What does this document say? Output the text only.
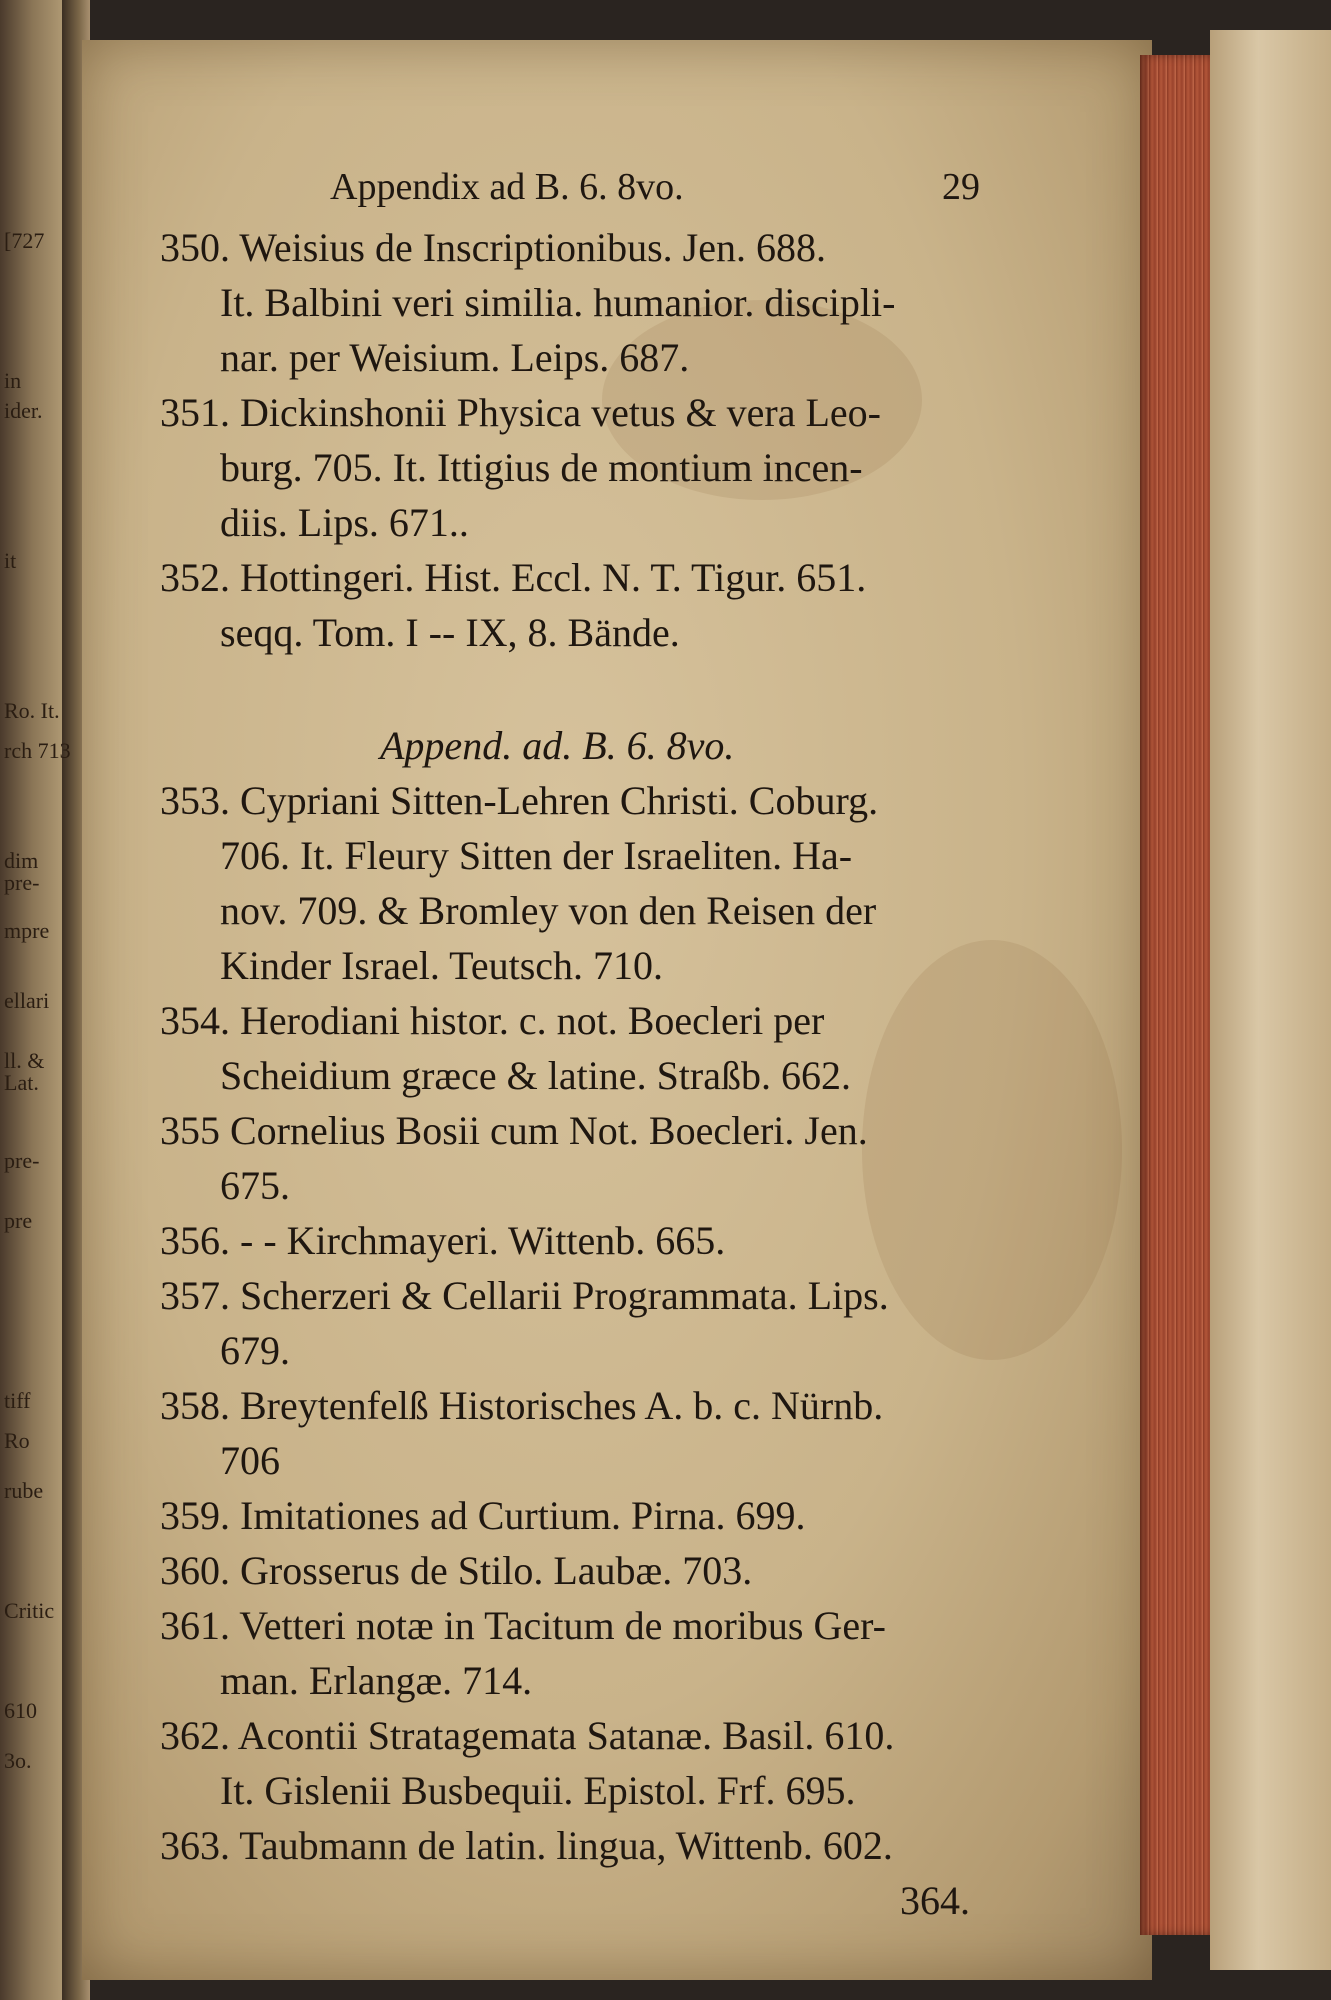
[727
in
ider.
it
Ro. It.
rch 713
dim pre-
mpre
ellari
ll. & Lat.
pre-
pre
tiff
Ro
rube
Critic
610
3o.
Appendix ad B. 6. 8vo.	29
350. Weisius de Inscriptionibus. Jen. 688.
It. Balbini veri similia. humanior. discipli-
nar. per Weisium. Leips. 687.
351. Dickinshonii Physica vetus & vera Leo-
burg. 705. It. Ittigius de montium incen-
diis. Lips. 671..
352. Hottingeri. Hist. Eccl. N. T. Tigur. 651.
seqq. Tom. I -- IX, 8. Bände.
Append. ad. B. 6. 8vo.
353. Cypriani Sitten-Lehren Christi. Coburg.
706. It. Fleury Sitten der Israeliten. Ha-
nov. 709. & Bromley von den Reisen der
Kinder Israel. Teutsch. 710.
354. Herodiani histor. c. not. Boecleri per
Scheidium græce & latine. Straßb. 662.
355 Cornelius Bosii cum Not. Boecleri. Jen.
675.
356. - - Kirchmayeri. Wittenb. 665.
357. Scherzeri & Cellarii Programmata. Lips.
679.
358. Breytenfelß Historisches A. b. c. Nürnb.
706
359. Imitationes ad Curtium. Pirna. 699.
360. Grosserus de Stilo. Laubæ. 703.
361. Vetteri notæ in Tacitum de moribus Ger-
man. Erlangæ. 714.
362. Acontii Stratagemata Satanæ. Basil. 610.
It. Gislenii Busbequii. Epistol. Frf. 695.
363. Taubmann de latin. lingua, Wittenb. 602.
364.
